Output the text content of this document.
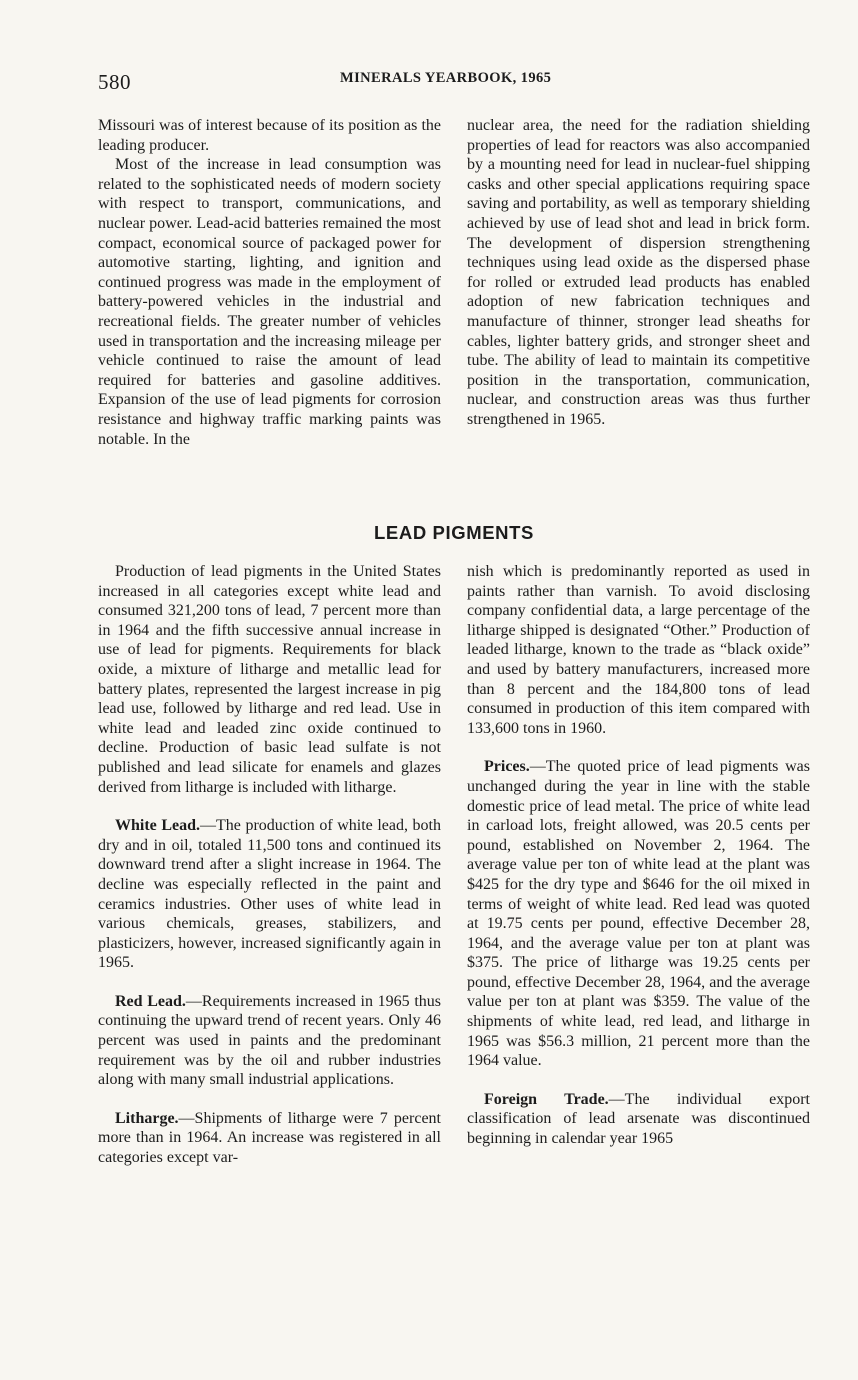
580	MINERALS YEARBOOK, 1965

Missouri was of interest because of its position as the leading producer.

Most of the increase in lead consumption was related to the sophisticated needs of modern society with respect to transport, communications, and nuclear power. Lead-acid batteries remained the most compact, economical source of packaged power for automotive starting, lighting, and ignition and continued progress was made in the employment of battery-powered vehicles in the industrial and recreational fields. The greater number of vehicles used in transportation and the increasing mileage per vehicle continued to raise the amount of lead required for batteries and gasoline additives. Expansion of the use of lead pigments for corrosion resistance and highway traffic marking paints was notable. In the

nuclear area, the need for the radiation shielding properties of lead for reactors was also accompanied by a mounting need for lead in nuclear-fuel shipping casks and other special applications requiring space saving and portability, as well as temporary shielding achieved by use of lead shot and lead in brick form. The development of dispersion strengthening techniques using lead oxide as the dispersed phase for rolled or extruded lead products has enabled adoption of new fabrication techniques and manufacture of thinner, stronger lead sheaths for cables, lighter battery grids, and stronger sheet and tube. The ability of lead to maintain its competitive position in the transportation, communication, nuclear, and construction areas was thus further strengthened in 1965.

LEAD PIGMENTS

Production of lead pigments in the United States increased in all categories except white lead and consumed 321,200 tons of lead, 7 percent more than in 1964 and the fifth successive annual increase in use of lead for pigments. Requirements for black oxide, a mixture of litharge and metallic lead for battery plates, represented the largest increase in pig lead use, followed by litharge and red lead. Use in white lead and leaded zinc oxide continued to decline. Production of basic lead sulfate is not published and lead silicate for enamels and glazes derived from litharge is included with litharge.

White Lead.—The production of white lead, both dry and in oil, totaled 11,500 tons and continued its downward trend after a slight increase in 1964. The decline was especially reflected in the paint and ceramics industries. Other uses of white lead in various chemicals, greases, stabilizers, and plasticizers, however, increased significantly again in 1965.

Red Lead.—Requirements increased in 1965 thus continuing the upward trend of recent years. Only 46 percent was used in paints and the predominant requirement was by the oil and rubber industries along with many small industrial applications.

Litharge.—Shipments of litharge were 7 percent more than in 1964. An increase was registered in all categories except var-

nish which is predominantly reported as used in paints rather than varnish. To avoid disclosing company confidential data, a large percentage of the litharge shipped is designated “Other.” Production of leaded litharge, known to the trade as “black oxide” and used by battery manufacturers, increased more than 8 percent and the 184,800 tons of lead consumed in production of this item compared with 133,600 tons in 1960.

Prices.—The quoted price of lead pigments was unchanged during the year in line with the stable domestic price of lead metal. The price of white lead in carload lots, freight allowed, was 20.5 cents per pound, established on November 2, 1964. The average value per ton of white lead at the plant was $425 for the dry type and $646 for the oil mixed in terms of weight of white lead. Red lead was quoted at 19.75 cents per pound, effective December 28, 1964, and the average value per ton at plant was $375. The price of litharge was 19.25 cents per pound, effective December 28, 1964, and the average value per ton at plant was $359. The value of the shipments of white lead, red lead, and litharge in 1965 was $56.3 million, 21 percent more than the 1964 value.

Foreign Trade.—The individual export classification of lead arsenate was discontinued beginning in calendar year 1965
